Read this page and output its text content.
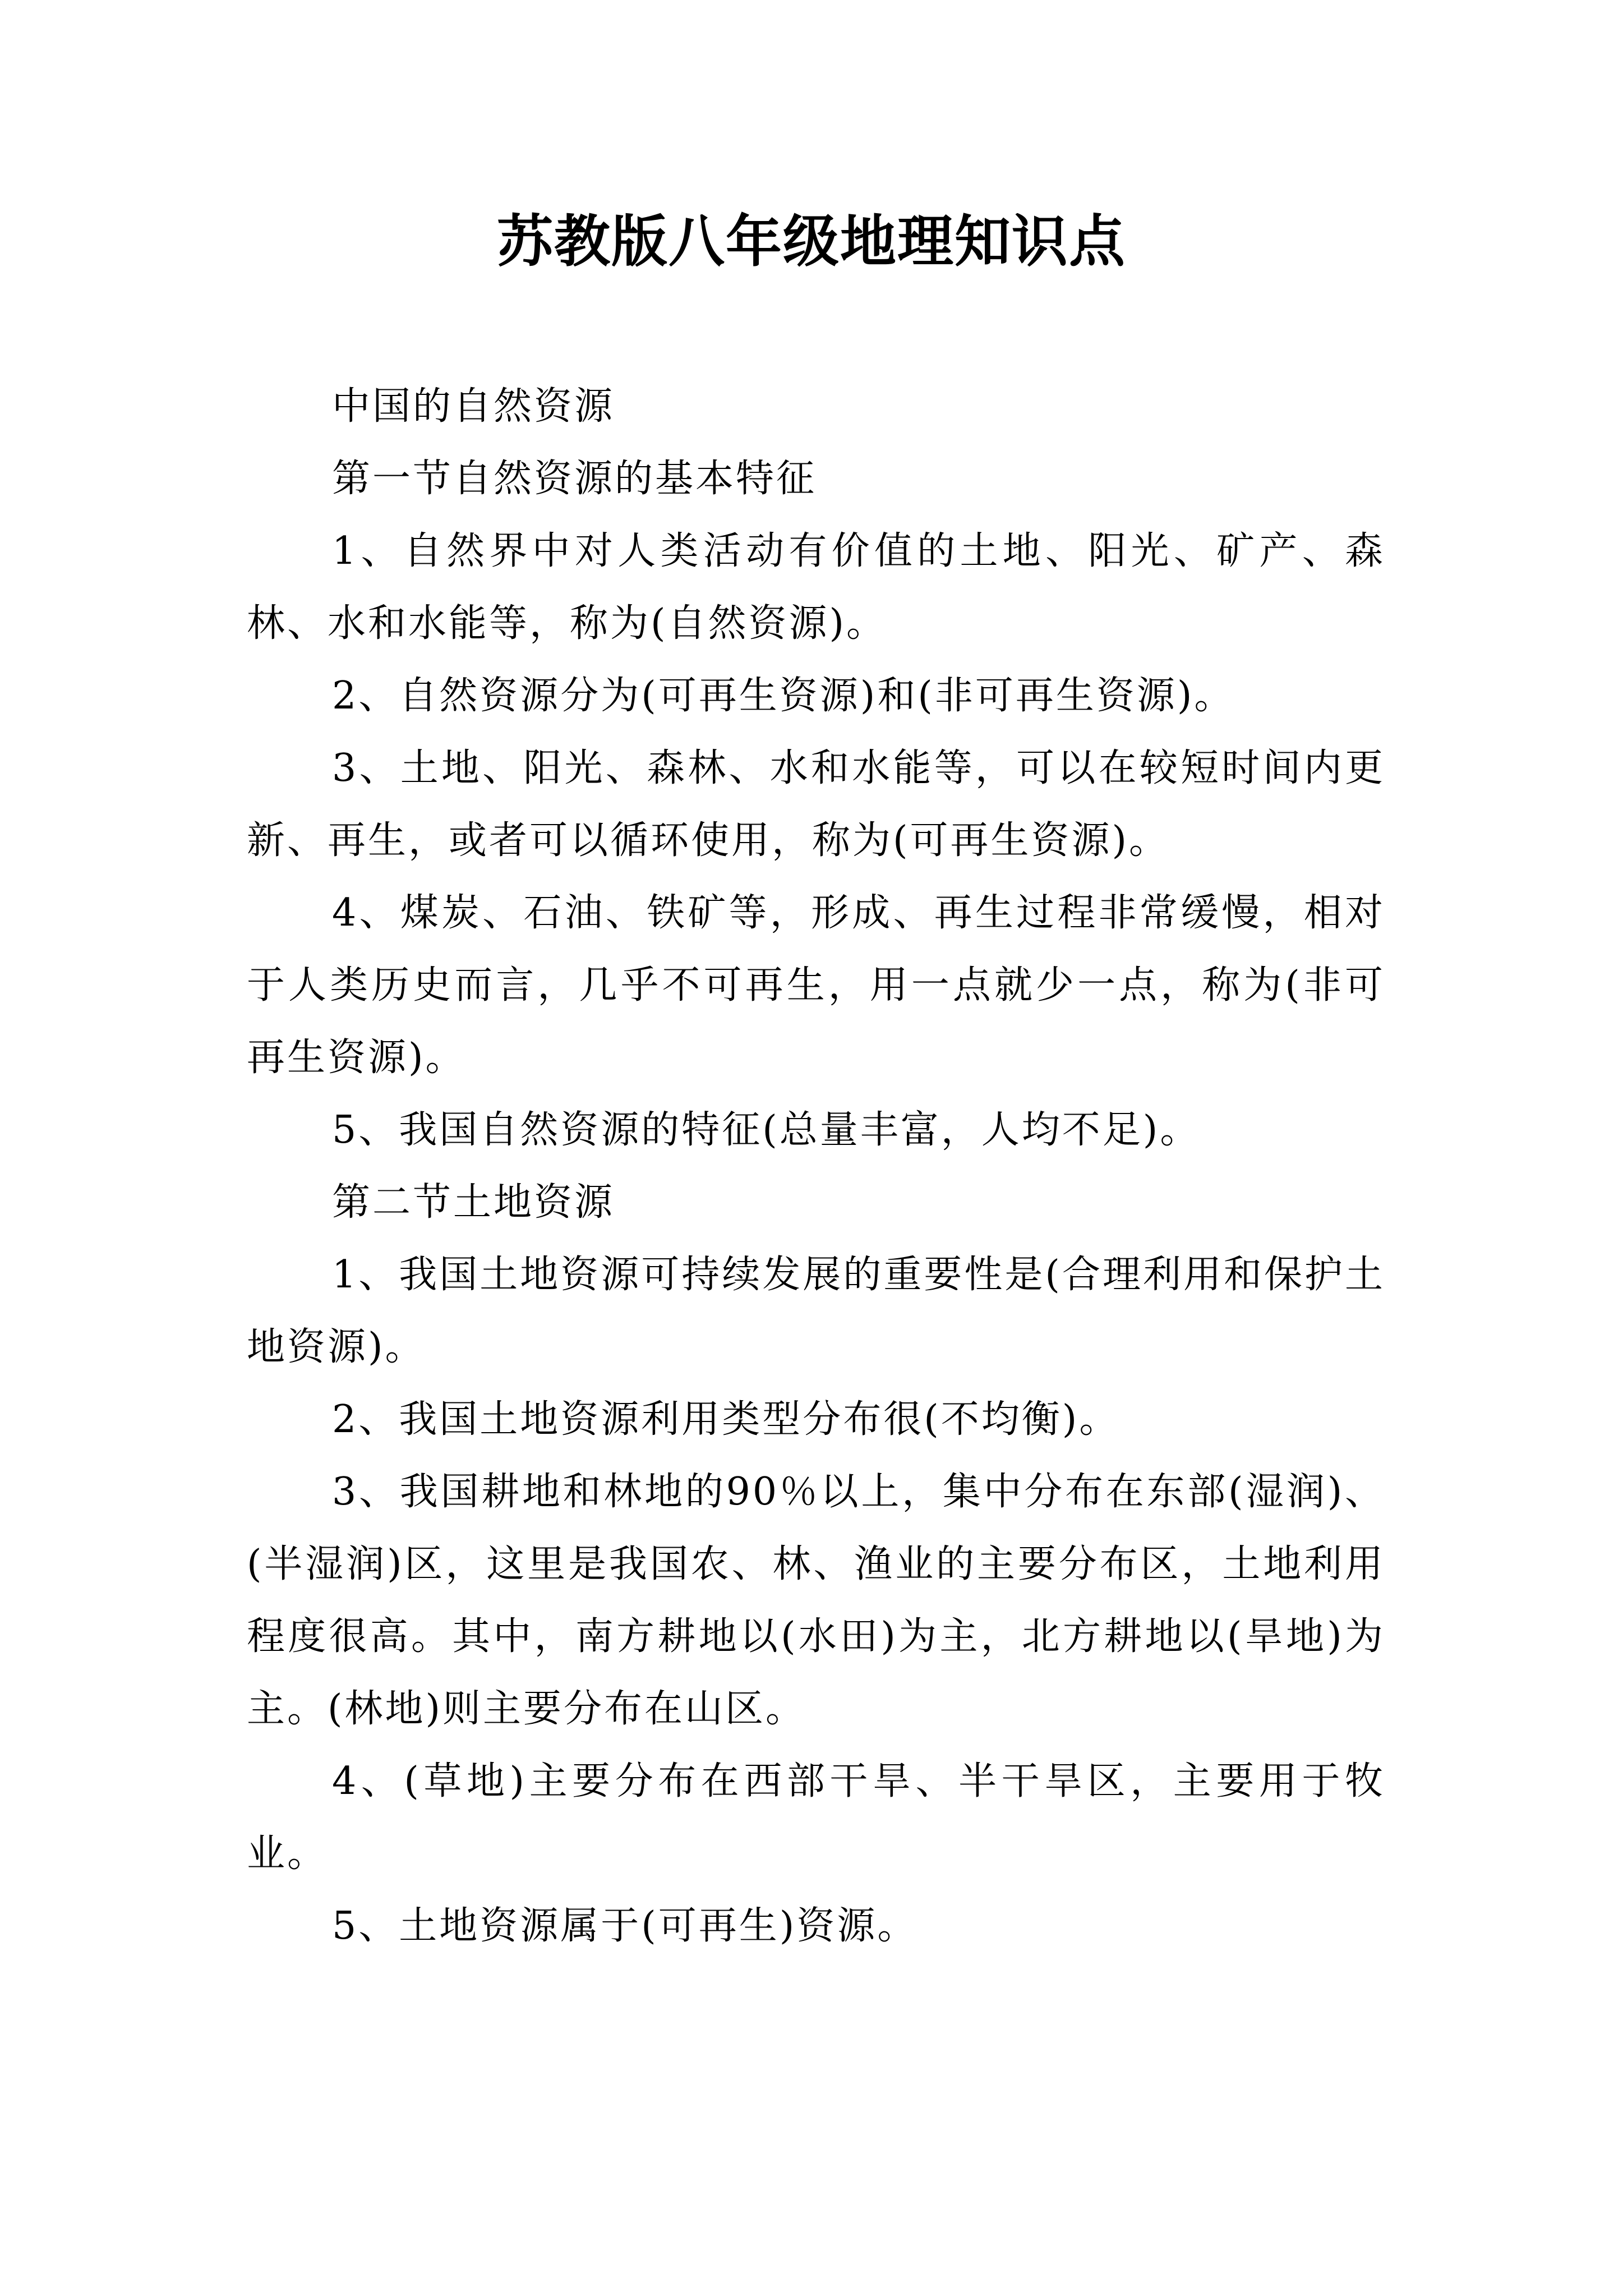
苏教版八年级地理知识点

中国的自然资源

第一节自然资源的基本特征

1、自然界中对人类活动有价值的土地、阳光、矿产、森林、水和水能等，称为(自然资源)。

2、自然资源分为(可再生资源)和(非可再生资源)。

3、土地、阳光、森林、水和水能等，可以在较短时间内更新、再生，或者可以循环使用，称为(可再生资源)。

4、煤炭、石油、铁矿等，形成、再生过程非常缓慢，相对于人类历史而言，几乎不可再生，用一点就少一点，称为(非可再生资源)。

5、我国自然资源的特征(总量丰富，人均不足)。

第二节土地资源

1、我国土地资源可持续发展的重要性是(合理利用和保护土地资源)。

2、我国土地资源利用类型分布很(不均衡)。

3、我国耕地和林地的90％以上，集中分布在东部(湿润)、(半湿润)区，这里是我国农、林、渔业的主要分布区，土地利用程度很高。其中，南方耕地以(水田)为主，北方耕地以(旱地)为主。(林地)则主要分布在山区。

4、(草地)主要分布在西部干旱、半干旱区，主要用于牧业。

5、土地资源属于(可再生)资源。
